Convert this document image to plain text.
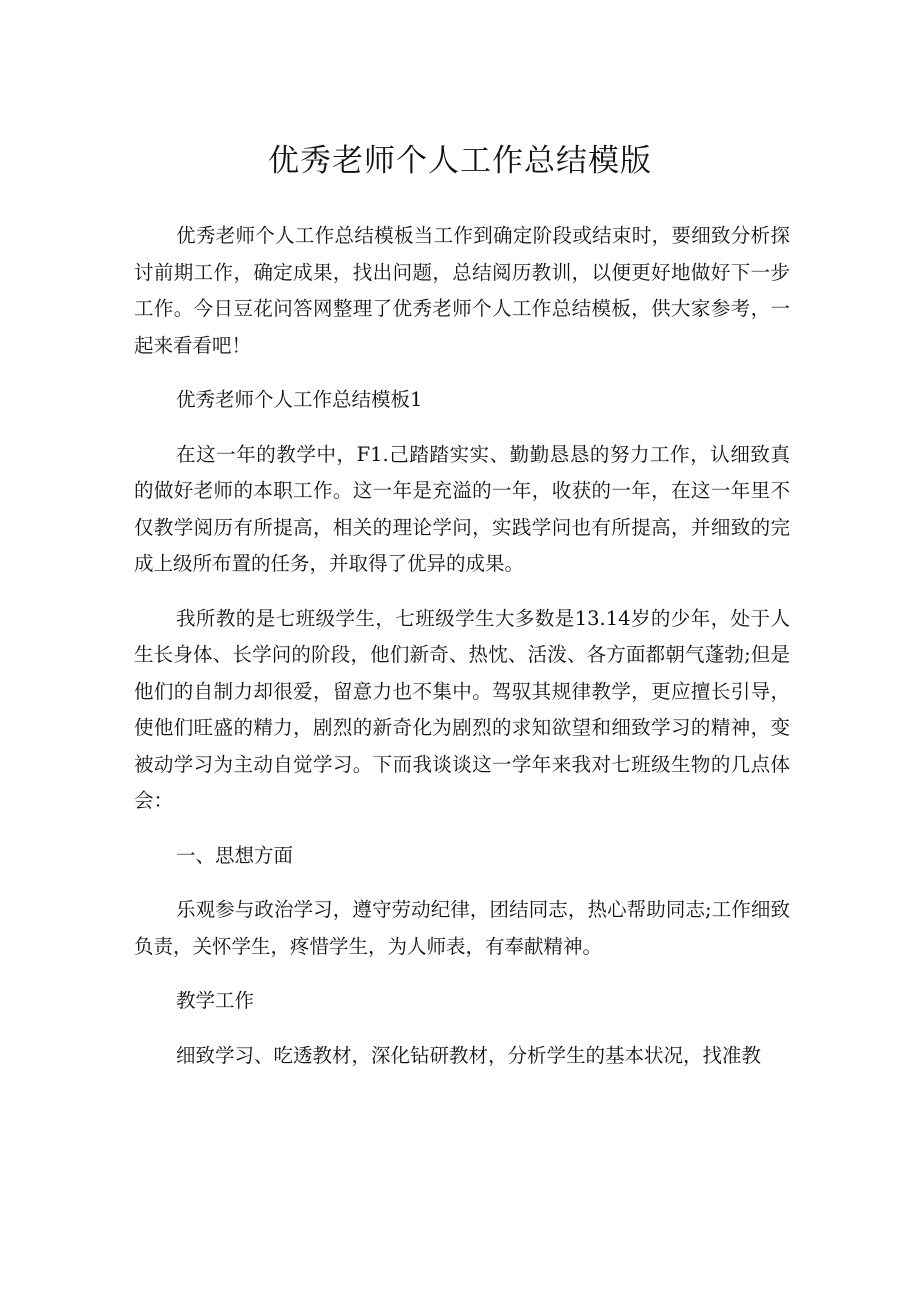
优秀老师个人工作总结模版

优秀老师个人工作总结模板当工作到确定阶段或结束时，要细致分析探讨前期工作，确定成果，找出问题，总结阅历教训，以便更好地做好下一步工作。今日豆花问答网整理了优秀老师个人工作总结模板，供大家参考，一起来看看吧！

优秀老师个人工作总结模板1

在这一年的教学中，F1.己踏踏实实、勤勤恳恳的努力工作，认细致真的做好老师的本职工作。这一年是充溢的一年，收获的一年，在这一年里不仅教学阅历有所提高，相关的理论学问，实践学问也有所提高，并细致的完成上级所布置的任务，并取得了优异的成果。

我所教的是七班级学生，七班级学生大多数是13.14岁的少年，处于人生长身体、长学问的阶段，他们新奇、热忱、活泼、各方面都朝气蓬勃;但是他们的自制力却很爱，留意力也不集中。驾驭其规律教学，更应擅长引导，使他们旺盛的精力，剧烈的新奇化为剧烈的求知欲望和细致学习的精神，变被动学习为主动自觉学习。下而我谈谈这一学年来我对七班级生物的几点体会：

一、思想方面

乐观参与政治学习，遵守劳动纪律，团结同志，热心帮助同志;工作细致负责，关怀学生，疼惜学生，为人师表，有奉献精神。

教学工作

细致学习、吃透教材，深化钻研教材，分析学生的基本状况，找准教
